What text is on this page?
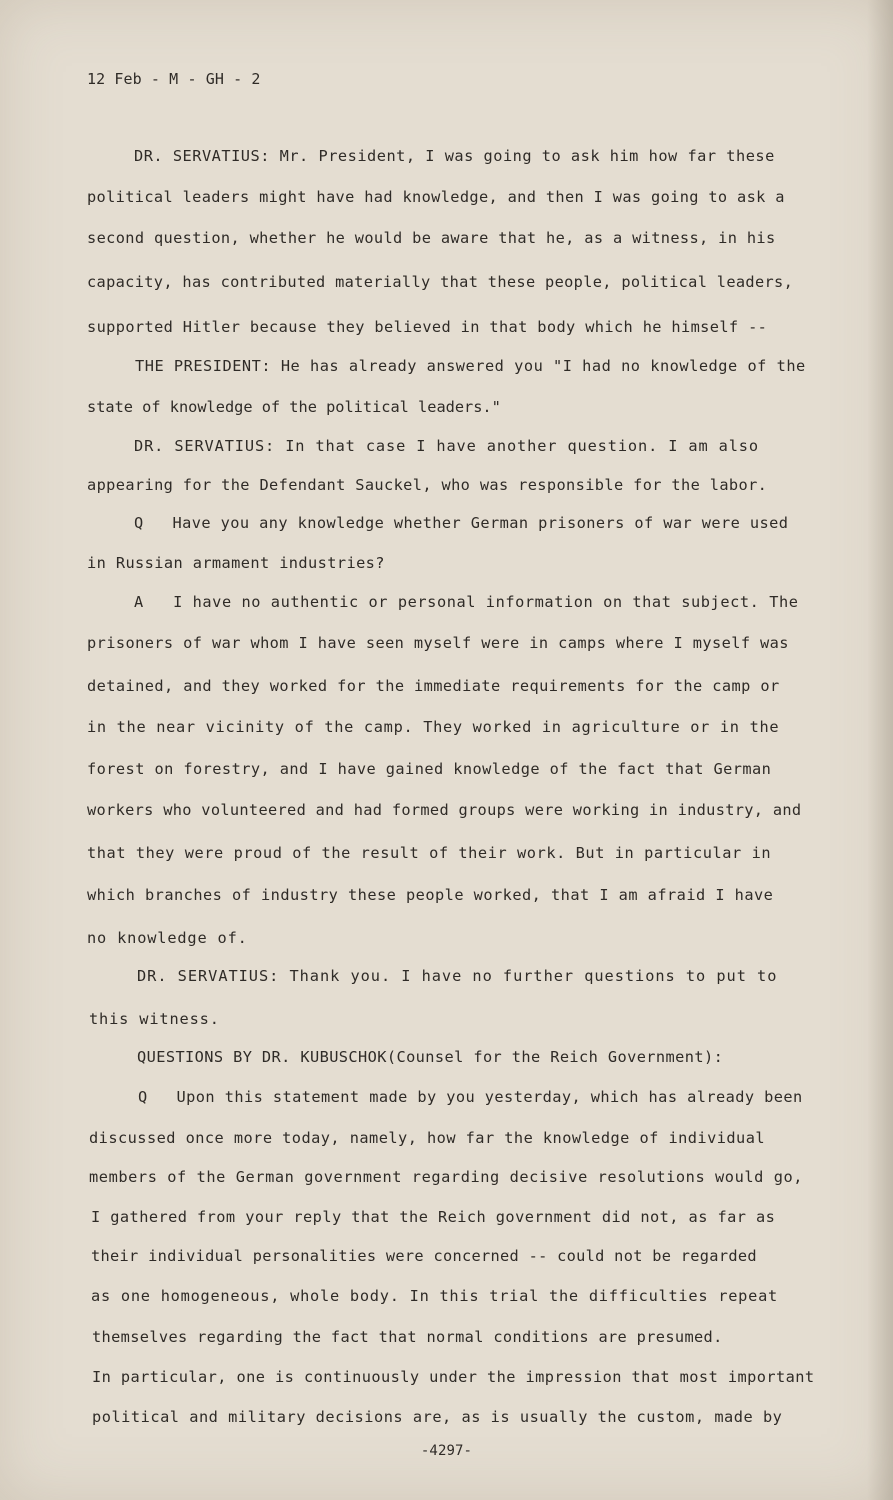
12 Feb - M - GH - 2
DR. SERVATIUS: Mr. President, I was going to ask him how far these
political leaders might have had knowledge, and then I was going to ask a
second question, whether he would be aware that he, as a witness, in his
capacity, has contributed materially that these people, political leaders,
supported Hitler because they believed in that body which he himself --
THE PRESIDENT: He has already answered you "I had no knowledge of the
state of knowledge of the political leaders."
DR. SERVATIUS: In that case I have another question. I am also
appearing for the Defendant Sauckel, who was responsible for the labor.
Q   Have you any knowledge whether German prisoners of war were used
in Russian armament industries?
A   I have no authentic or personal information on that subject. The
prisoners of war whom I have seen myself were in camps where I myself was
detained, and they worked for the immediate requirements for the camp or
in the near vicinity of the camp. They worked in agriculture or in the
forest on forestry, and I have gained knowledge of the fact that German
workers who volunteered and had formed groups were working in industry, and
that they were proud of the result of their work. But in particular in
which branches of industry these people worked, that I am afraid I have
no knowledge of.
DR. SERVATIUS: Thank you. I have no further questions to put to
this witness.
QUESTIONS BY DR. KUBUSCHOK(Counsel for the Reich Government):
Q   Upon this statement made by you yesterday, which has already been
discussed once more today, namely, how far the knowledge of individual
members of the German government regarding decisive resolutions would go,
I gathered from your reply that the Reich government did not, as far as
their individual personalities were concerned -- could not be regarded
as one homogeneous, whole body. In this trial the difficulties repeat
themselves regarding the fact that normal conditions are presumed.
In particular, one is continuously under the impression that most important
political and military decisions are, as is usually the custom, made by
-4297-
